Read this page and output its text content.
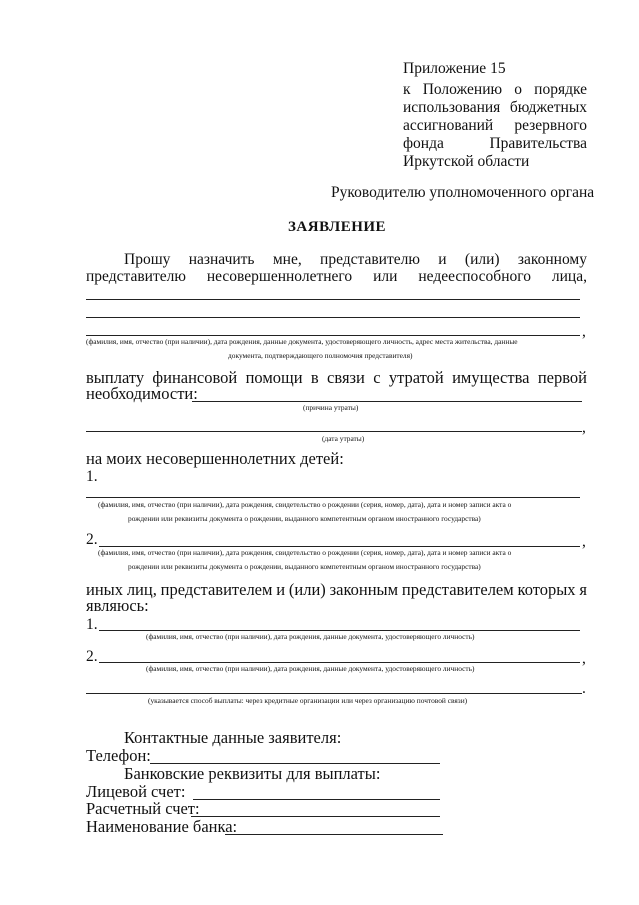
Приложение 15
к Положению о порядке
использования бюджетных
ассигнований резервного
фонда	Правительства
Иркутской области
Руководителю уполномоченного органа
ЗАЯВЛЕНИЕ
Прошу назначить мне, представителю и (или) законному
представителю несовершеннолетнего или недееспособного лица,
,
(фамилия, имя, отчество (при наличии), дата рождения, данные документа, удостоверяющего личность, адрес места жительства, данные
документа, подтверждающего полномочия представителя)
выплату финансовой помощи в связи с утратой имущества первой
необходимости:
(причина утраты)
,
(дата утраты)
на моих несовершеннолетних детей:
1.
(фамилия, имя, отчество (при наличии), дата рождения, свидетельство о рождении (серия, номер, дата), дата и номер записи акта о
рождении или реквизиты документа о рождении, выданного компетентным органом иностранного государства)
2.	,
(фамилия, имя, отчество (при наличии), дата рождения, свидетельство о рождении (серия, номер, дата), дата и номер записи акта о
рождении или реквизиты документа о рождении, выданного компетентным органом иностранного государства)
иных лиц, представителем и (или) законным представителем которых я
являюсь:
1.
(фамилия, имя, отчество (при наличии), дата рождения, данные документа, удостоверяющего личность)
2.	,
(фамилия, имя, отчество (при наличии), дата рождения, данные документа, удостоверяющего личность)
.
(указывается способ выплаты: через кредитные организации или через организацию почтовой связи)
Контактные данные заявителя:
Телефон:
Банковские реквизиты для выплаты:
Лицевой счет:
Расчетный счет:
Наименование банка:
